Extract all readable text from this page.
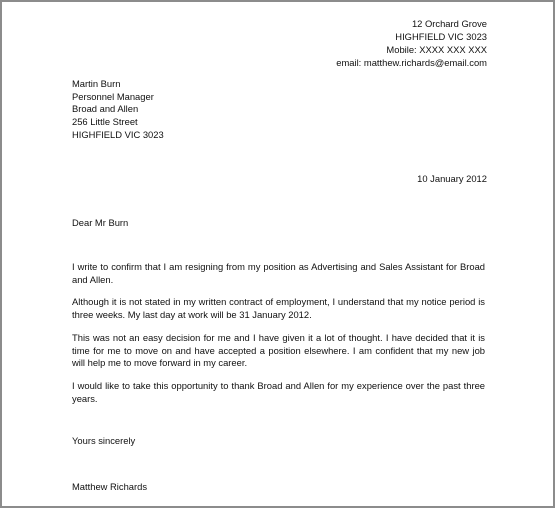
12 Orchard Grove
HIGHFIELD VIC 3023
Mobile: XXXX XXX XXX
email: matthew.richards@email.com
Martin Burn
Personnel Manager
Broad and Allen
256 Little Street
HIGHFIELD VIC 3023
10 January 2012
Dear Mr Burn

I write to confirm that I am resigning from my position as Advertising and Sales Assistant for Broad and Allen.

Although it is not stated in my written contract of employment, I understand that my notice period is three weeks. My last day at work will be 31 January 2012.

This was not an easy decision for me and I have given it a lot of thought. I have decided that it is time for me to move on and have accepted a position elsewhere. I am confident that my new job will help me to move forward in my career.

I would like to take this opportunity to thank Broad and Allen for my experience over the past three years.

Yours sincerely
Matthew Richards
